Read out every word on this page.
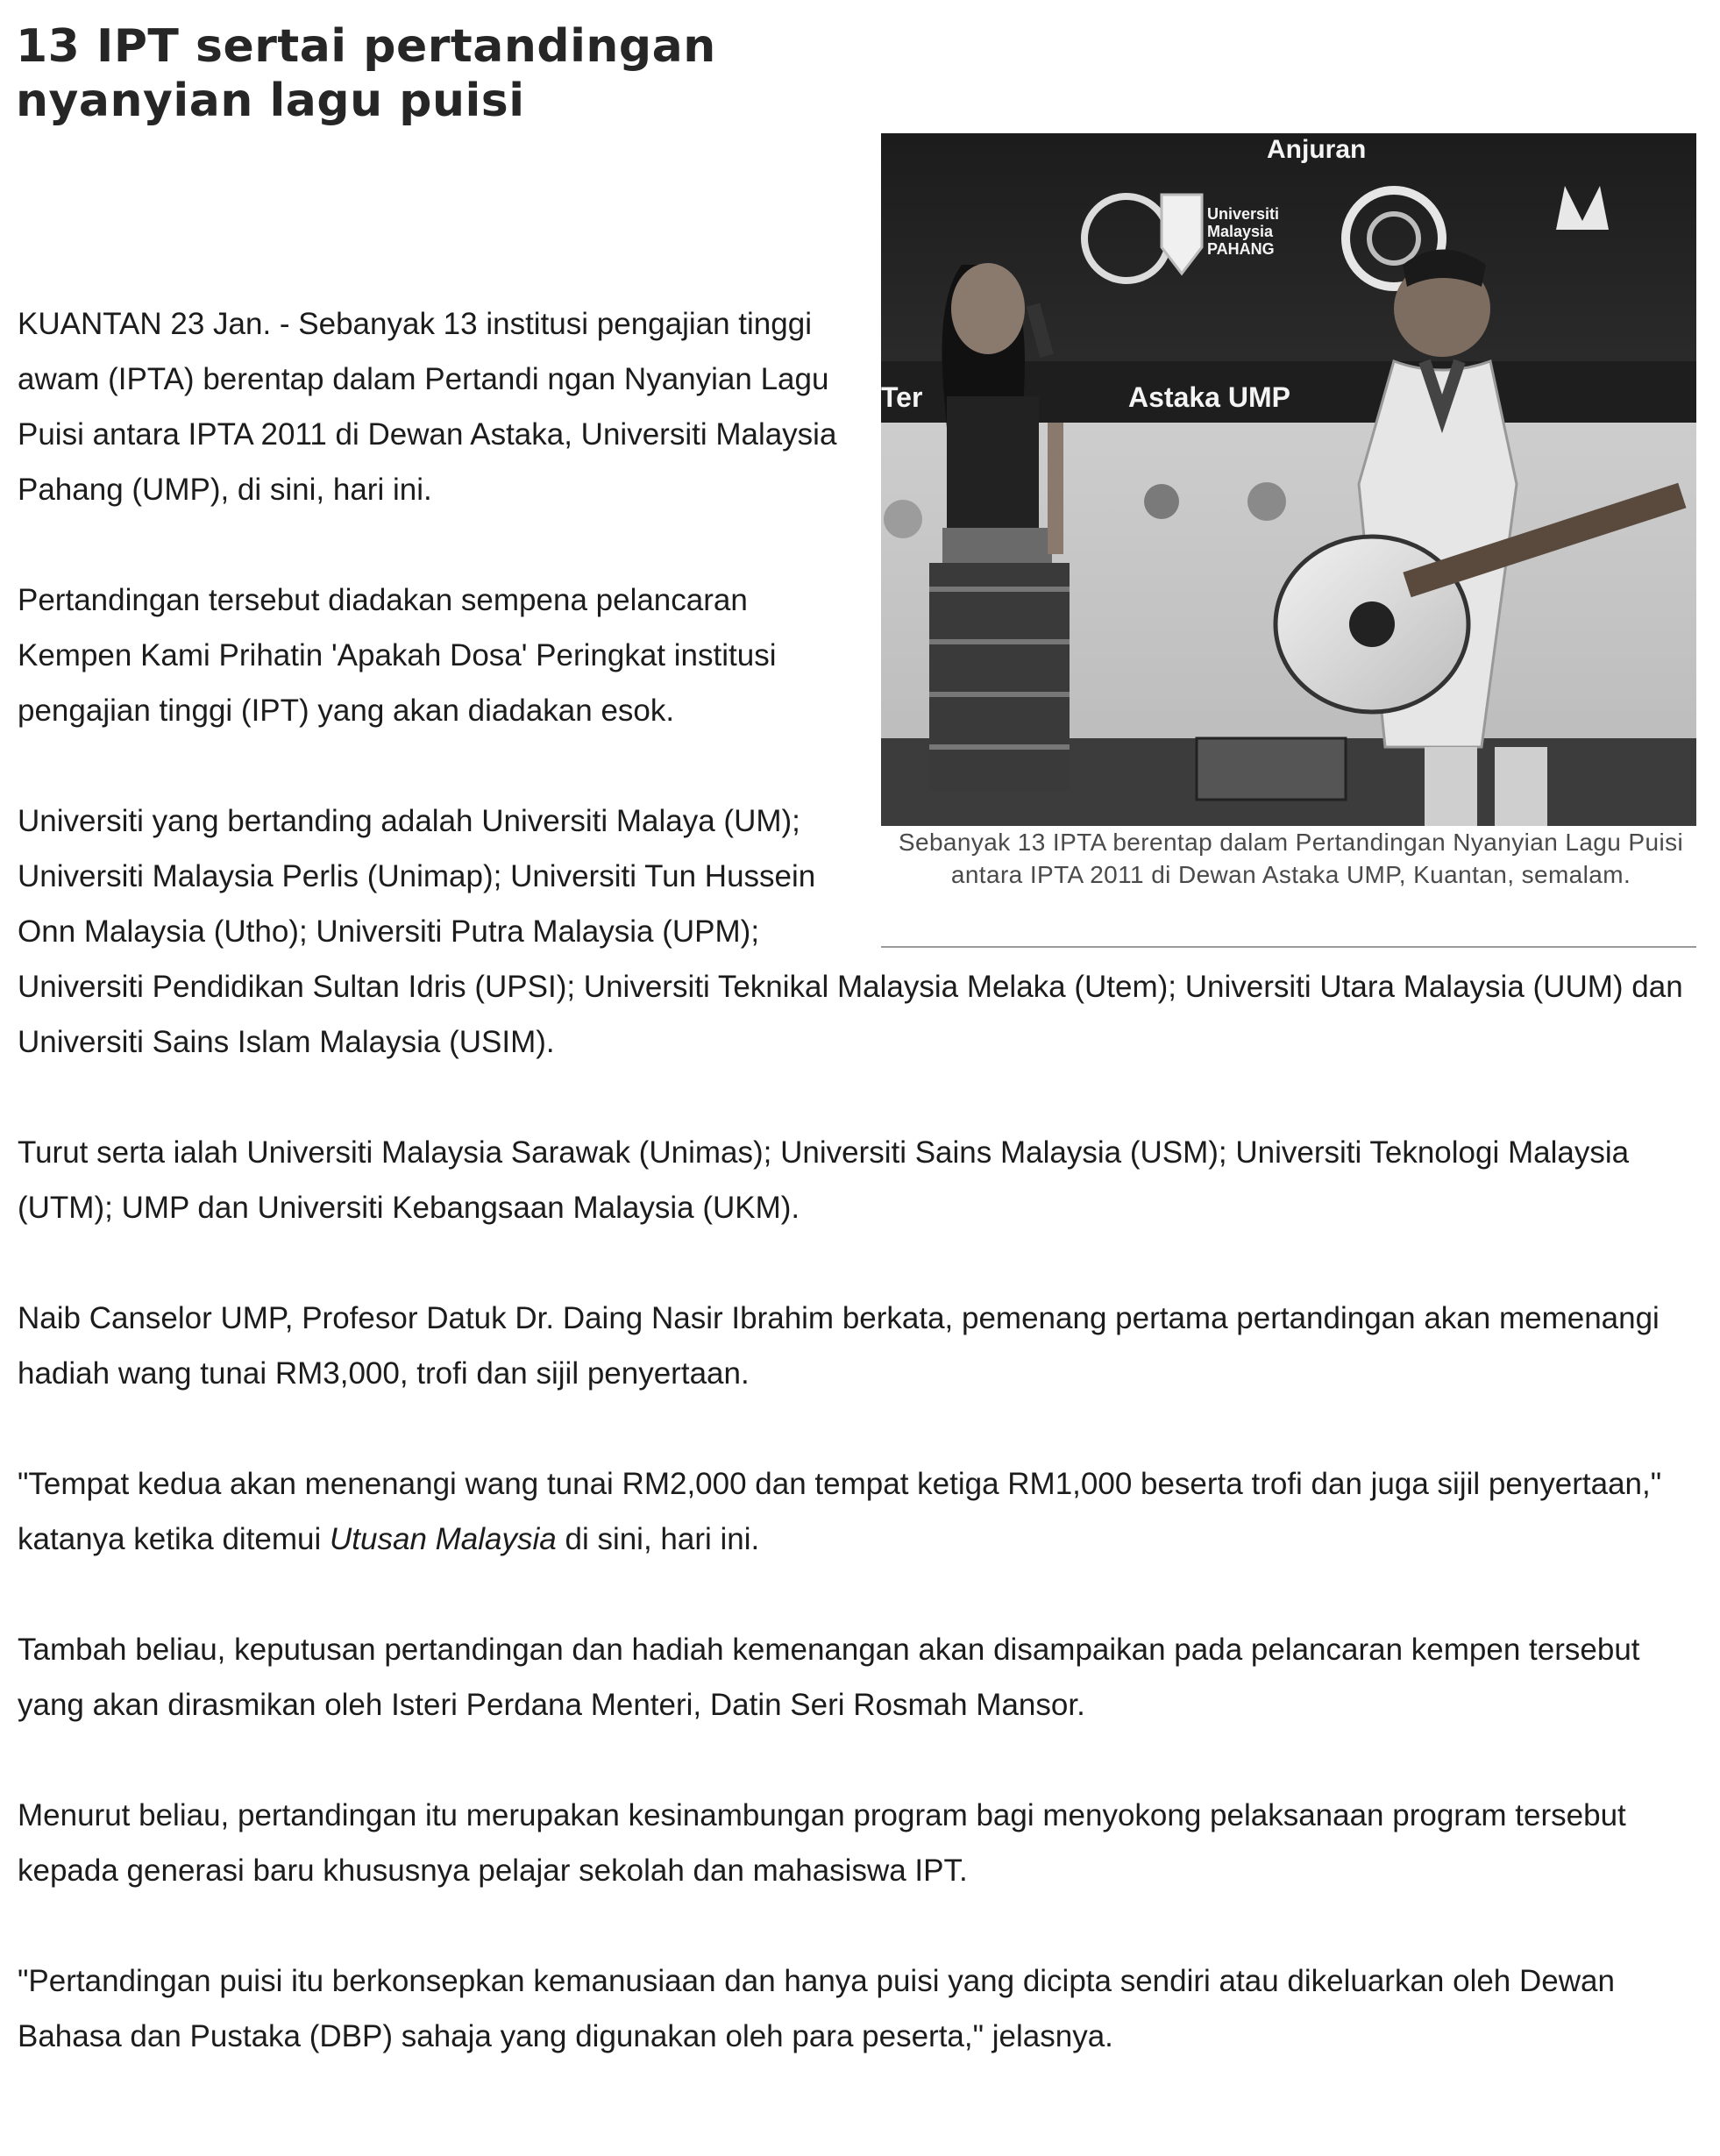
13 IPT sertai pertandingan nyanyian lagu puisi
Anjuran
Universiti
Malaysia
PAHANG
Ter	Astaka UMP

Sebanyak 13 IPTA berentap dalam Pertandingan Nyanyian Lagu Puisi antara IPTA 2011 di Dewan Astaka UMP, Kuantan, semalam.

KUANTAN 23 Jan. - Sebanyak 13 institusi pengajian tinggi awam (IPTA) berentap dalam Pertandi ngan Nyanyian Lagu Puisi antara IPTA 2011 di Dewan Astaka, Universiti Malaysia Pahang (UMP), di sini, hari ini.

Pertandingan tersebut diadakan sempena pelancaran Kempen Kami Prihatin 'Apakah Dosa' Peringkat institusi pengajian tinggi (IPT) yang akan diadakan esok.

Universiti yang bertanding adalah Universiti Malaya (UM); Universiti Malaysia Perlis (Unimap); Universiti Tun Hussein Onn Malaysia (Utho); Universiti Putra Malaysia (UPM); Universiti Pendidikan Sultan Idris (UPSI); Universiti Teknikal Malaysia Melaka (Utem); Universiti Utara Malaysia (UUM) dan Universiti Sains Islam Malaysia (USIM).

Turut serta ialah Universiti Malaysia Sarawak (Unimas); Universiti Sains Malaysia (USM); Universiti Teknologi Malaysia (UTM); UMP dan Universiti Kebangsaan Malaysia (UKM).

Naib Canselor UMP, Profesor Datuk Dr. Daing Nasir Ibrahim berkata, pemenang pertama pertandingan akan memenangi hadiah wang tunai RM3,000, trofi dan sijil penyertaan.

"Tempat kedua akan menenangi wang tunai RM2,000 dan tempat ketiga RM1,000 beserta trofi dan juga sijil penyertaan," katanya ketika ditemui Utusan Malaysia di sini, hari ini.

Tambah beliau, keputusan pertandingan dan hadiah kemenangan akan disampaikan pada pelancaran kempen tersebut yang akan dirasmikan oleh Isteri Perdana Menteri, Datin Seri Rosmah Mansor.

Menurut beliau, pertandingan itu merupakan kesinambungan program bagi menyokong pelaksanaan program tersebut kepada generasi baru khususnya pelajar sekolah dan mahasiswa IPT.

"Pertandingan puisi itu berkonsepkan kemanusiaan dan hanya puisi yang dicipta sendiri atau dikeluarkan oleh Dewan Bahasa dan Pustaka (DBP) sahaja yang digunakan oleh para peserta," jelasnya.
